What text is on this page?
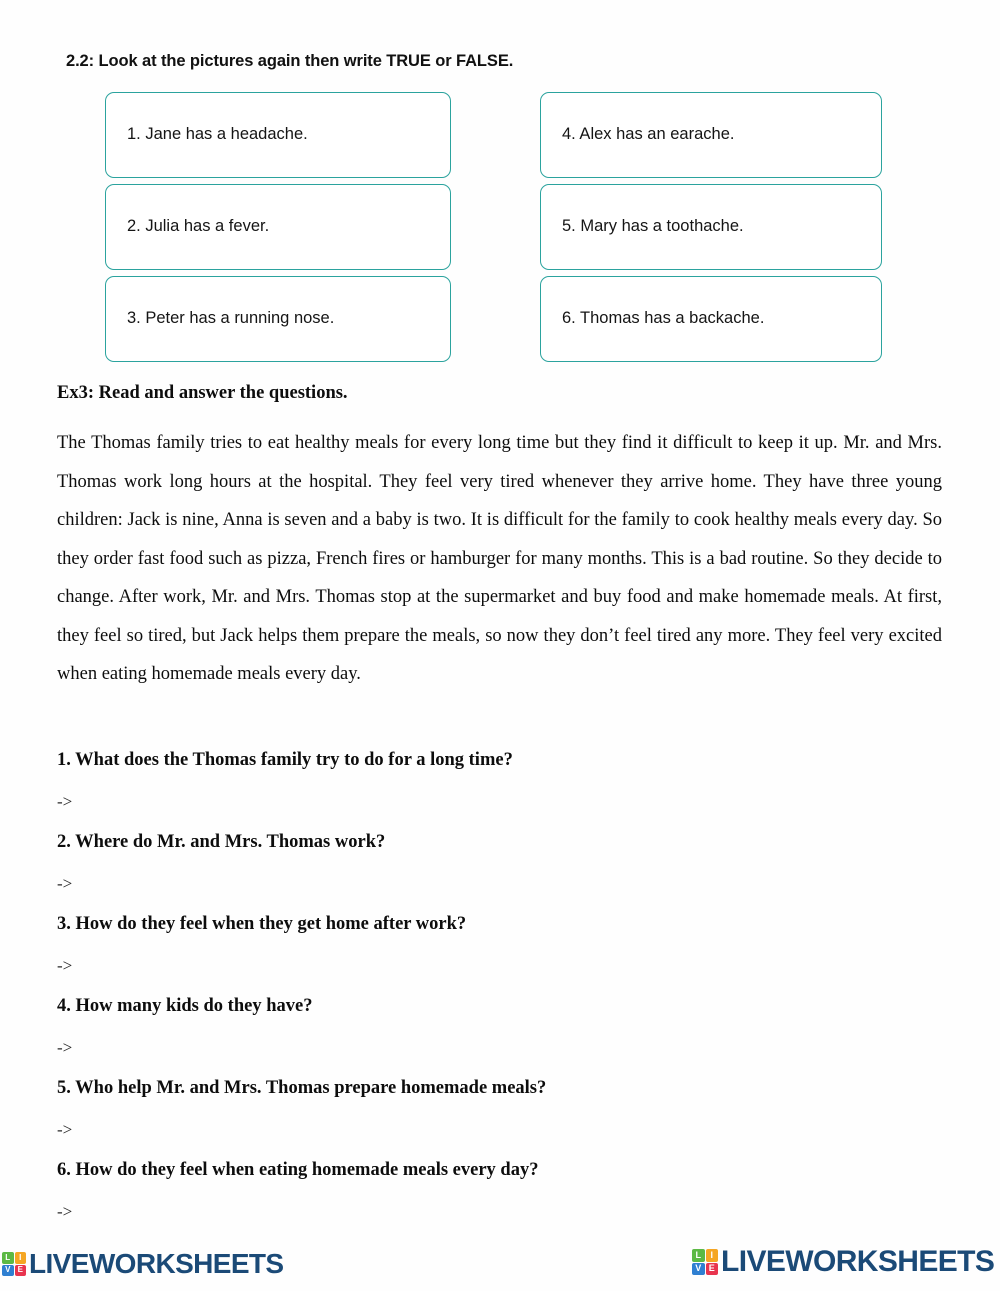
2.2: Look at the pictures again then write TRUE or FALSE.
1. Jane has a headache.
2. Julia has a fever.
3. Peter has a running nose.
4. Alex has an earache.
5. Mary has a toothache.
6. Thomas has a backache.
Ex3: Read and answer the questions.
The Thomas family tries to eat healthy meals for every long time but they find it difficult to keep it up. Mr. and Mrs. Thomas work long hours at the hospital. They feel very tired whenever they arrive home. They have three young children: Jack is nine, Anna is seven and a baby is two. It is difficult for the family to cook healthy meals every day. So they order fast food such as pizza, French fires or hamburger for many months. This is a bad routine. So they decide to change. After work, Mr. and Mrs. Thomas stop at the supermarket and buy food and make homemade meals. At first, they feel so tired, but Jack helps them prepare the meals, so now they don’t feel tired any more. They feel very excited when eating homemade meals every day.
1. What does the Thomas family try to do for a long time?
->
2. Where do Mr. and Mrs. Thomas work?
->
3. How do they feel when they get home after work?
->
4. How many kids do they have?
->
5. Who help Mr. and Mrs. Thomas prepare homemade meals?
->
6. How do they feel when eating homemade meals every day?
->
L	I
V E LIVEWORKSHEETS	L	I
V E LIVEWORKSHEETS
